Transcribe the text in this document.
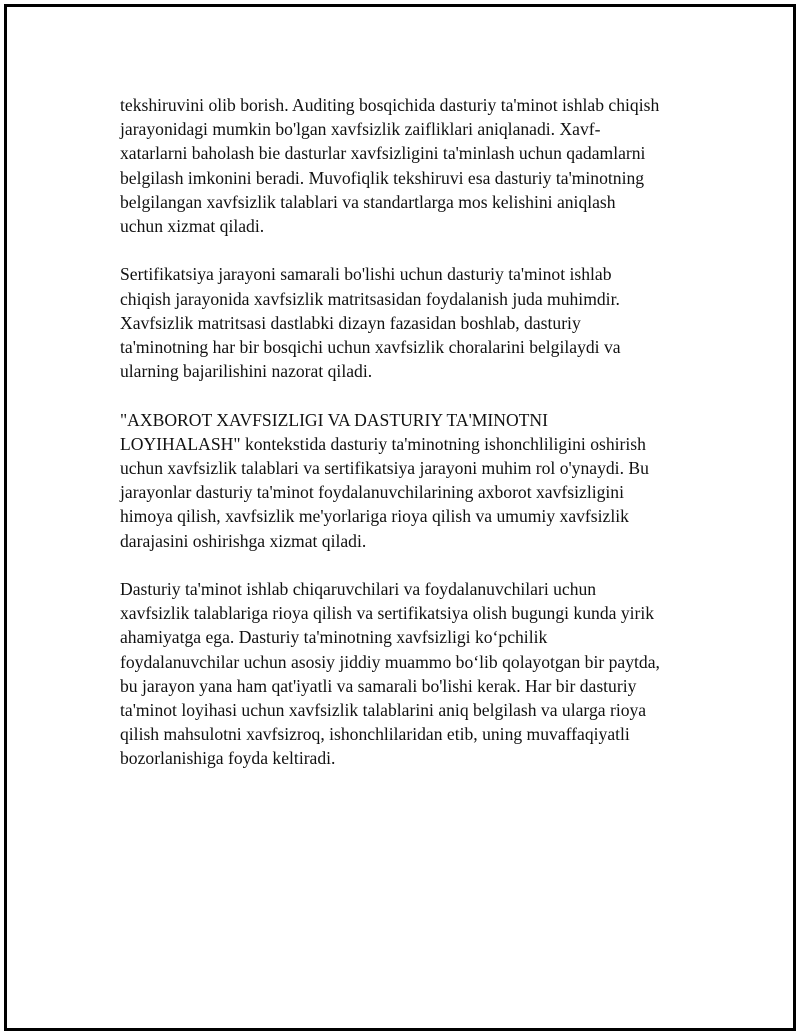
tekshiruvini olib borish. Auditing bosqichida dasturiy ta'minot ishlab chiqish
jarayonidagi mumkin bo'lgan xavfsizlik zaifliklari aniqlanadi. Xavf-
xatarlarni baholash bie dasturlar xavfsizligini ta'minlash uchun qadamlarni
belgilash imkonini beradi. Muvofiqlik tekshiruvi esa dasturiy ta'minotning
belgilangan xavfsizlik talablari va standartlarga mos kelishini aniqlash
uchun xizmat qiladi.

Sertifikatsiya jarayoni samarali bo'lishi uchun dasturiy ta'minot ishlab
chiqish jarayonida xavfsizlik matritsasidan foydalanish juda muhimdir.
Xavfsizlik matritsasi dastlabki dizayn fazasidan boshlab, dasturiy
ta'minotning har bir bosqichi uchun xavfsizlik choralarini belgilaydi va
ularning bajarilishini nazorat qiladi.

"AXBOROT XAVFSIZLIGI VA DASTURIY TA'MINOTNI
LOYIHALASH" kontekstida dasturiy ta'minotning ishonchliligini oshirish
uchun xavfsizlik talablari va sertifikatsiya jarayoni muhim rol o'ynaydi. Bu
jarayonlar dasturiy ta'minot foydalanuvchilarining axborot xavfsizligini
himoya qilish, xavfsizlik me'yorlariga rioya qilish va umumiy xavfsizlik
darajasini oshirishga xizmat qiladi.

Dasturiy ta'minot ishlab chiqaruvchilari va foydalanuvchilari uchun
xavfsizlik talablariga rioya qilish va sertifikatsiya olish bugungi kunda yirik
ahamiyatga ega. Dasturiy ta'minotning xavfsizligi ko‘pchilik
foydalanuvchilar uchun asosiy jiddiy muammo bo‘lib qolayotgan bir paytda,
bu jarayon yana ham qat'iyatli va samarali bo'lishi kerak. Har bir dasturiy
ta'minot loyihasi uchun xavfsizlik talablarini aniq belgilash va ularga rioya
qilish mahsulotni xavfsizroq, ishonchlilaridan etib, uning muvaffaqiyatli
bozorlanishiga foyda keltiradi.
